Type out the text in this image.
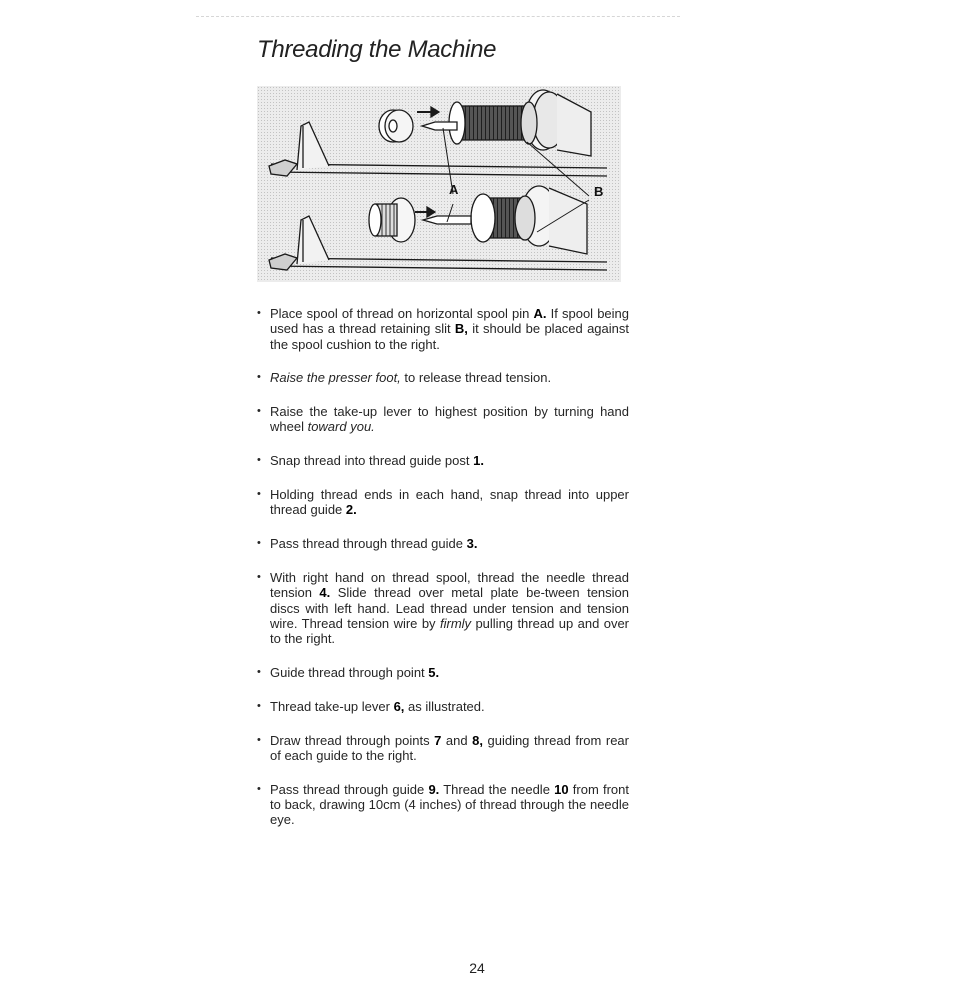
Threading the Machine
A	B
• Place spool of thread on horizontal spool pin A. If spool being used has a thread retaining slit B, it should be placed against the spool cushion to the right.
• Raise the presser foot, to release thread tension.
• Raise the take-up lever to highest position by turning hand wheel toward you.
• Snap thread into thread guide post 1.
• Holding thread ends in each hand, snap thread into upper thread guide 2.
• Pass thread through thread guide 3.
• With right hand on thread spool, thread the needle thread tension 4. Slide thread over metal plate be-tween tension discs with left hand. Lead thread under tension and tension wire. Thread tension wire by firmly pulling thread up and over to the right.
• Guide thread through point 5.
• Thread take-up lever 6, as illustrated.
• Draw thread through points 7 and 8, guiding thread from rear of each guide to the right.
• Pass thread through guide 9. Thread the needle 10 from front to back, drawing 10cm (4 inches) of thread through the needle eye.
24
